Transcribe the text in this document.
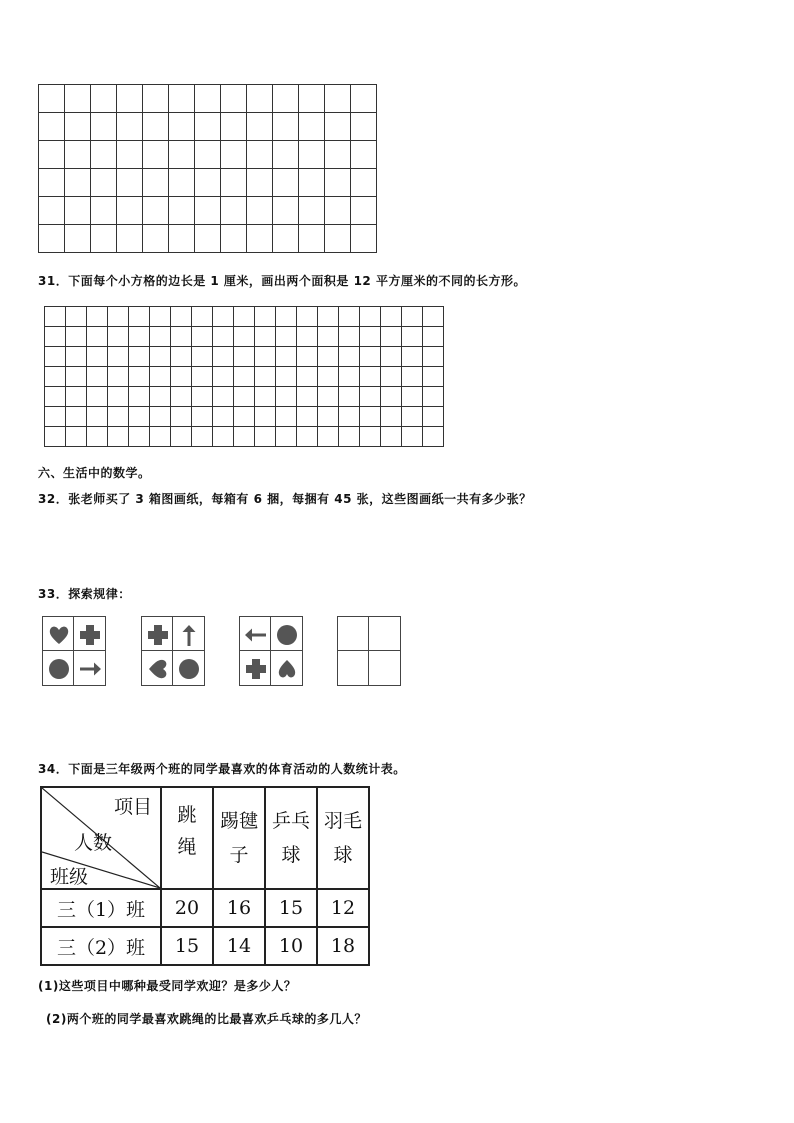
31．下面每个小方格的边长是 1 厘米，画出两个面积是 12 平方厘米的不同的长方形。

六、生活中的数学。
32．张老师买了 3 箱图画纸，每箱有 6 捆，每捆有 45 张，这些图画纸一共有多少张？
33．探索规律：
34．下面是三年级两个班的同学最喜欢的体育活动的人数统计表。
项目
人数
班级	跳绳	踢毽子	乒乓球	羽毛球

三（1）班	20	16	15	12
三（2）班	15	14	10	18
(1)这些项目中哪种最受同学欢迎？是多少人？
(2)两个班的同学最喜欢跳绳的比最喜欢乒乓球的多几人？
